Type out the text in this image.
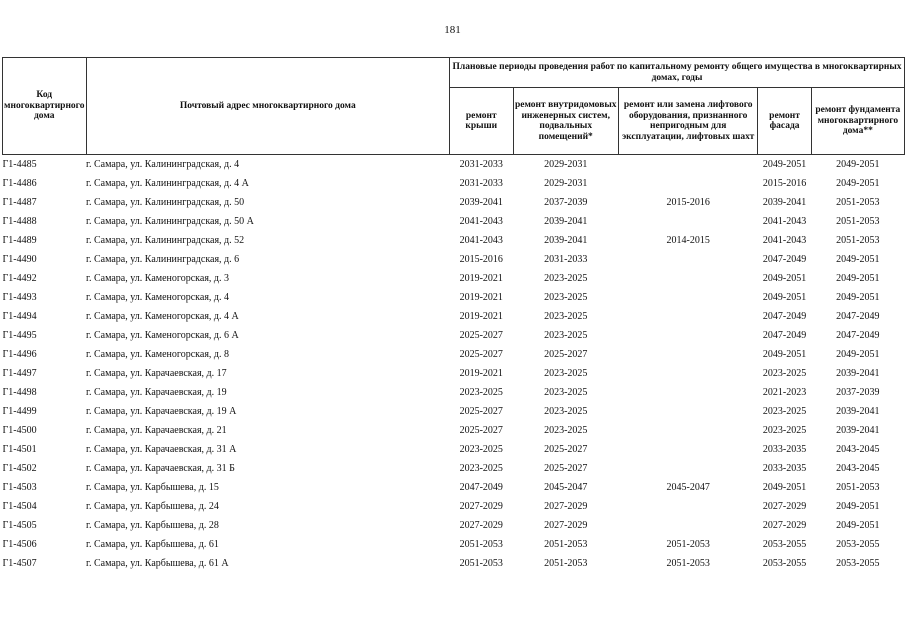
181
Код многоквартирного дома	Почтовый адрес многоквартирного дома	Плановые периоды проведения работ по капитальному ремонту общего имущества в многоквартирных домах, годы				
		ремонт крыши	ремонт внутридомовых инженерных систем, подвальных помещений*	ремонт или замена лифтового оборудования, признанного непригодным для эксплуатации, лифтовых шахт	ремонт фасада	ремонт фундамента многоквартирного дома**
Г1-4485	г. Самара, ул. Калининградская, д. 4	2031-2033	2029-2031		2049-2051	2049-2051
Г1-4486	г. Самара, ул. Калининградская, д. 4 А	2031-2033	2029-2031		2015-2016	2049-2051
Г1-4487	г. Самара, ул. Калининградская, д. 50	2039-2041	2037-2039	2015-2016	2039-2041	2051-2053
Г1-4488	г. Самара, ул. Калининградская, д. 50 А	2041-2043	2039-2041		2041-2043	2051-2053
Г1-4489	г. Самара, ул. Калининградская, д. 52	2041-2043	2039-2041	2014-2015	2041-2043	2051-2053
Г1-4490	г. Самара, ул. Калининградская, д. 6	2015-2016	2031-2033		2047-2049	2049-2051
Г1-4492	г. Самара, ул. Каменогорская, д. 3	2019-2021	2023-2025		2049-2051	2049-2051
Г1-4493	г. Самара, ул. Каменогорская, д. 4	2019-2021	2023-2025		2049-2051	2049-2051
Г1-4494	г. Самара, ул. Каменогорская, д. 4 А	2019-2021	2023-2025		2047-2049	2047-2049
Г1-4495	г. Самара, ул. Каменогорская, д. 6 А	2025-2027	2023-2025		2047-2049	2047-2049
Г1-4496	г. Самара, ул. Каменогорская, д. 8	2025-2027	2025-2027		2049-2051	2049-2051
Г1-4497	г. Самара, ул. Карачаевская, д. 17	2019-2021	2023-2025		2023-2025	2039-2041
Г1-4498	г. Самара, ул. Карачаевская, д. 19	2023-2025	2023-2025		2021-2023	2037-2039
Г1-4499	г. Самара, ул. Карачаевская, д. 19 А	2025-2027	2023-2025		2023-2025	2039-2041
Г1-4500	г. Самара, ул. Карачаевская, д. 21	2025-2027	2023-2025		2023-2025	2039-2041
Г1-4501	г. Самара, ул. Карачаевская, д. 31 А	2023-2025	2025-2027		2033-2035	2043-2045
Г1-4502	г. Самара, ул. Карачаевская, д. 31 Б	2023-2025	2025-2027		2033-2035	2043-2045
Г1-4503	г. Самара, ул. Карбышева, д. 15	2047-2049	2045-2047	2045-2047	2049-2051	2051-2053
Г1-4504	г. Самара, ул. Карбышева, д. 24	2027-2029	2027-2029		2027-2029	2049-2051
Г1-4505	г. Самара, ул. Карбышева, д. 28	2027-2029	2027-2029		2027-2029	2049-2051
Г1-4506	г. Самара, ул. Карбышева, д. 61	2051-2053	2051-2053	2051-2053	2053-2055	2053-2055
Г1-4507	г. Самара, ул. Карбышева, д. 61 А	2051-2053	2051-2053	2051-2053	2053-2055	2053-2055
